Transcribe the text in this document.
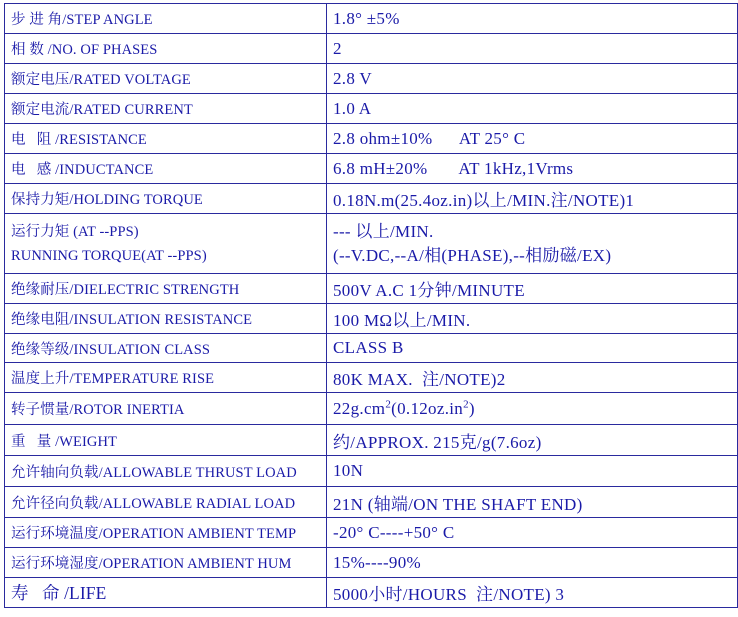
步 进 角/STEP ANGLE	1.8° ±5%
相 数 /NO. OF PHASES	2
额定电压/RATED VOLTAGE	2.8 V
额定电流/RATED CURRENT	1.0 A
电   阻 /RESISTANCE	2.8 ohm±10%      AT 25° C
电   感 /INDUCTANCE	6.8 mH±20%       AT 1kHz,1Vrms
保持力矩/HOLDING TORQUE	0.18N.m(25.4oz.in)以上/MIN.注/NOTE)1

运行力矩 (AT --PPS)
RUNNING TORQUE(AT --PPS)	--- 以上/MIN.
(--V.DC,--A/相(PHASE),--相励磁/EX)

绝缘耐压/DIELECTRIC STRENGTH	500V A.C 1分钟/MINUTE
绝缘电阻/INSULATION RESISTANCE	100 MΩ以上/MIN.
绝缘等级/INSULATION CLASS	CLASS B
温度上升/TEMPERATURE RISE	80K MAX.  注/NOTE)2
转子惯量/ROTOR INERTIA	$22g.cm^2(0.12oz.in^2)$
重   量 /WEIGHT	约/APPROX. 215克/g(7.6oz)
允许轴向负载/ALLOWABLE THRUST LOAD	10N
允许径向负载/ALLOWABLE RADIAL LOAD	21N (轴端/ON THE SHAFT END)
运行环境温度/OPERATION AMBIENT TEMP	-20° C----+50° C
运行环境湿度/OPERATION AMBIENT HUM	15%----90%
寿   命 /LIFE	5000小时/HOURS  注/NOTE) 3
